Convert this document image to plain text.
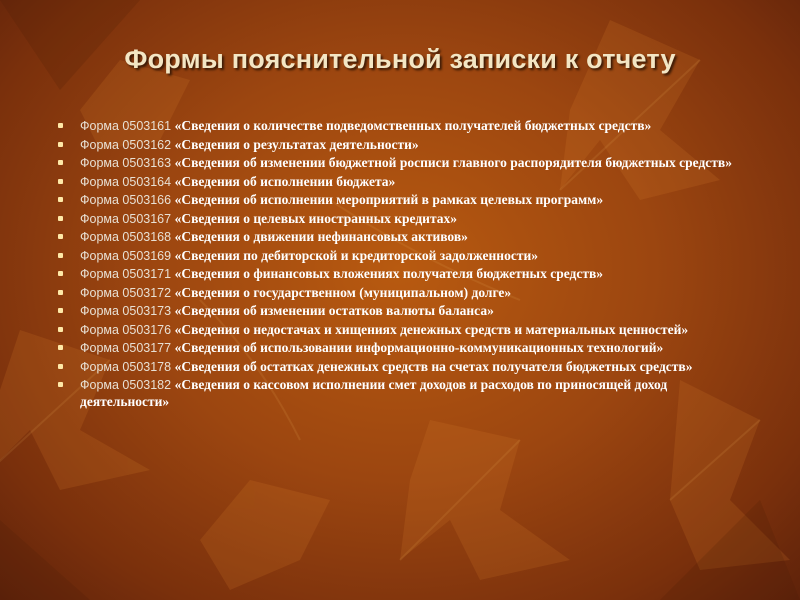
Формы пояснительной записки к отчету
Форма 0503161 «Сведения о количестве подведомственных получателей бюджетных средств»
Форма 0503162 «Сведения о результатах деятельности»
Форма 0503163 «Сведения об изменении бюджетной росписи главного распорядителя бюджетных средств»
Форма 0503164 «Сведения об исполнении бюджета»
Форма 0503166 «Сведения об исполнении мероприятий в рамках целевых программ»
Форма 0503167 «Сведения о целевых иностранных кредитах»
Форма 0503168 «Сведения о движении нефинансовых активов»
Форма 0503169 «Сведения по дебиторской и кредиторской задолженности»
Форма 0503171 «Сведения о финансовых вложениях получателя бюджетных средств»
Форма 0503172 «Сведения о государственном (муниципальном) долге»
Форма 0503173 «Сведения об изменении остатков валюты баланса»
Форма 0503176 «Сведения о недостачах и хищениях денежных средств и материальных ценностей»
Форма 0503177 «Сведения об использовании информационно-коммуникационных технологий»
Форма 0503178 «Сведения об остатках денежных средств на счетах получателя бюджетных средств»
Форма 0503182 «Сведения о кассовом исполнении смет доходов и расходов по приносящей доход деятельности»
